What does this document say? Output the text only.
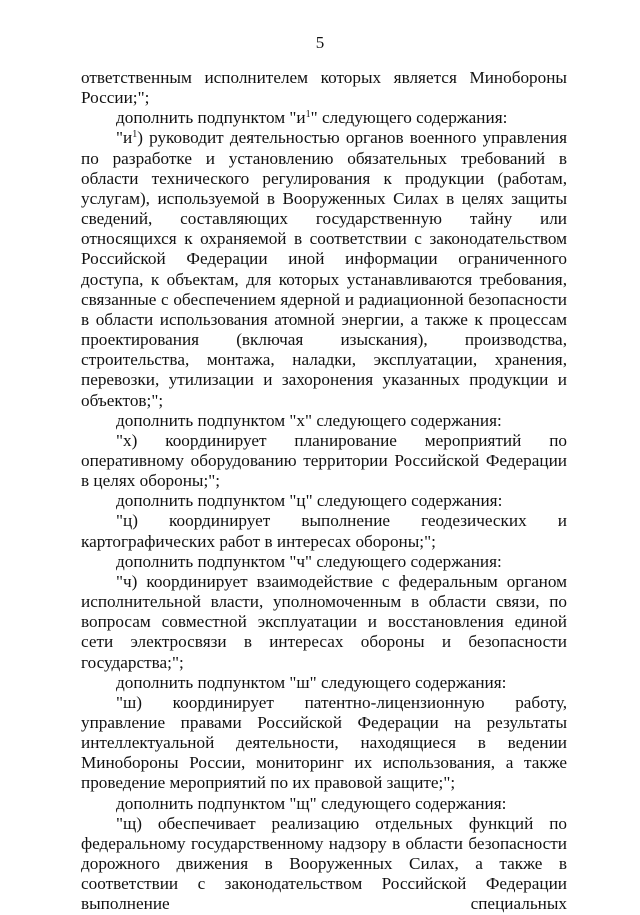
5

ответственным исполнителем которых является Минобороны

России;";

дополнить подпунктом "$и^1$" следующего содержания:

"$и^1$) руководит деятельностью органов военного управления по разработке и установлению обязательных требований в области технического регулирования к продукции (работам, услугам), используемой в Вооруженных Силах в целях защиты сведений, составляющих государственную тайну или относящихся к охраняемой в соответствии с законодательством Российской Федерации иной информации ограниченного доступа, к объектам, для которых устанавливаются требования, связанные с обеспечением ядерной и радиационной безопасности в области использования атомной энергии, а также к процессам проектирования (включая изыскания), производства, строительства, монтажа, наладки, эксплуатации, хранения, перевозки, утилизации и захоронения указанных продукции и объектов;";

дополнить подпунктом "х" следующего содержания:

"х) координирует планирование мероприятий по оперативному оборудованию территории Российской Федерации в целях обороны;";

дополнить подпунктом "ц" следующего содержания:

"ц) координирует выполнение геодезических и картографических работ в интересах обороны;";

дополнить подпунктом "ч" следующего содержания:

"ч) координирует взаимодействие с федеральным органом исполнительной власти, уполномоченным в области связи, по вопросам совместной эксплуатации и восстановления единой сети электросвязи в интересах обороны и безопасности государства;";

дополнить подпунктом "ш" следующего содержания:

"ш) координирует патентно-лицензионную работу, управление правами Российской Федерации на результаты интеллектуальной деятельности, находящиеся в ведении Минобороны России, мониторинг их использования, а также проведение мероприятий по их правовой защите;";

дополнить подпунктом "щ" следующего содержания:

"щ) обеспечивает реализацию отдельных функций по федеральному государственному надзору в области безопасности дорожного движения в Вооруженных Силах, а также в соответствии с законодательством Российской Федерации выполнение специальных
